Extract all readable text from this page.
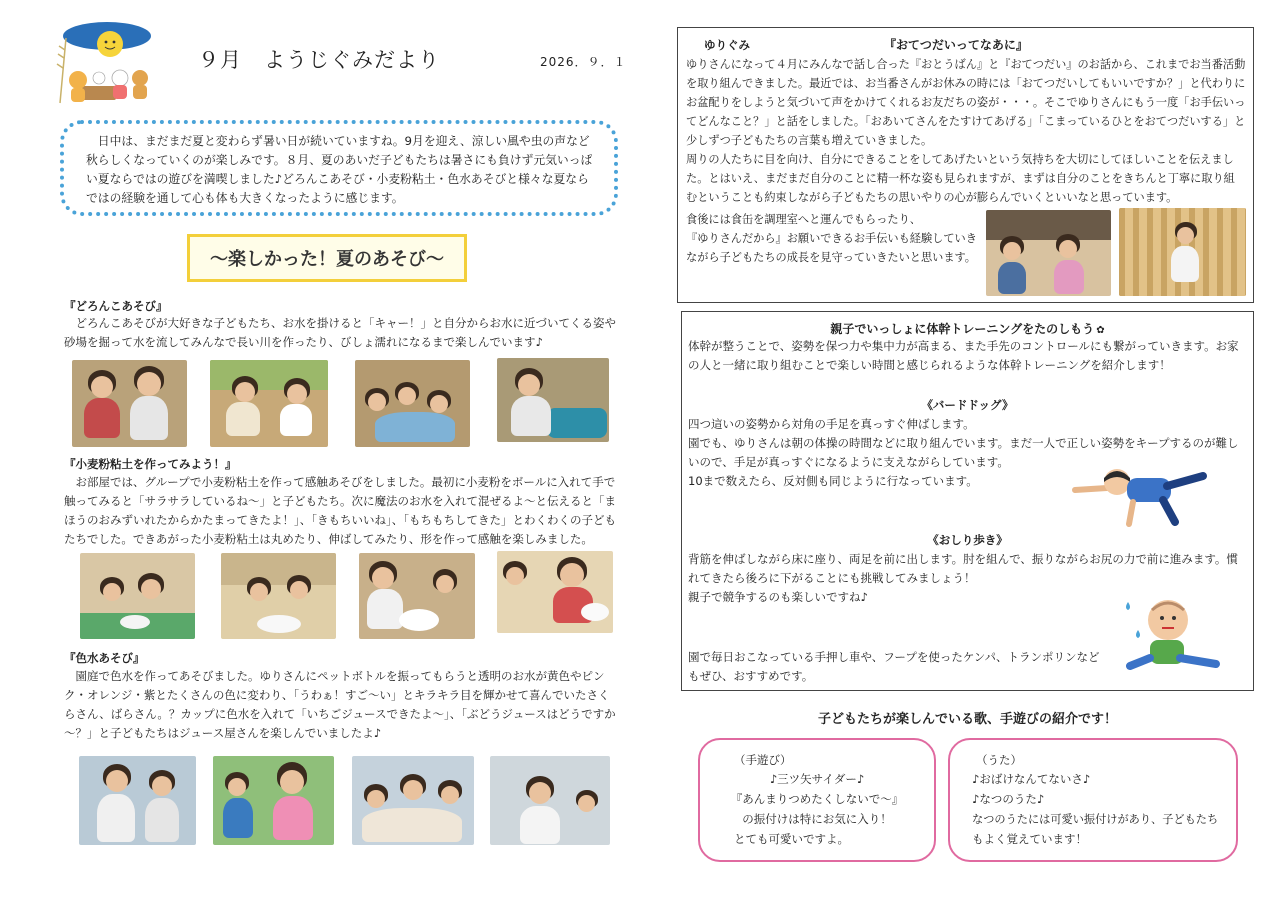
９月　ようじぐみだより	2026．９．１
　日中は、まだまだ夏と変わらず暑い日が続いていますね。9月を迎え、涼しい風や虫の声など秋らしくなっていくのが楽しみです。８月、夏のあいだ子どもたちは暑さにも負けず元気いっぱい夏ならではの遊びを満喫しました♪どろんこあそび・小麦粉粘土・色水あそびと様々な夏ならではの経験を通して心も体も大きくなったように感じます。
～楽しかった！夏のあそび～
『どろんこあそび』
　どろんこあそびが大好きな子どもたち、お水を掛けると「キャー！」と自分からお水に近づいてくる姿や砂場を掘って水を流してみんなで長い川を作ったり、びしょ濡れになるまで楽しんでいます♪
『小麦粉粘土を作ってみよう！』
　お部屋では、グループで小麦粉粘土を作って感触あそびをしました。最初に小麦粉をボールに入れて手で触ってみると「サラサラしているね～」と子どもたち。次に魔法のお水を入れて混ぜるよ～と伝えると「まほうのおみずいれたからかたまってきたよ！」、「きもちいいね」、「もちもちしてきた」とわくわくの子どもたちでした。できあがった小麦粉粘土は丸めたり、伸ばしてみたり、形を作って感触を楽しみました。
『色水あそび』
　園庭で色水を作ってあそびました。ゆりさんにペットボトルを振ってもらうと透明のお水が黄色やピンク・オレンジ・紫とたくさんの色に変わり、「うわぁ！すご～い」とキラキラ目を輝かせて喜んでいたさくらさん、ばらさん。？カップに色水を入れて「いちごジュースできたよ～」、「ぶどうジュースはどうですか～？」と子どもたちはジュース屋さんを楽しんでいましたよ♪
ゆりぐみ	『おてつだいってなあに』
ゆりさんになって４月にみんなで話し合った『おとうばん』と『おてつだい』のお話から、これまでお当番活動を取り組んできました。最近では、お当番さんがお休みの時には「おてつだいしてもいいですか？」と代わりにお盆配りをしようと気づいて声をかけてくれるお友だちの姿が・・・。そこでゆりさんにもう一度「お手伝いってどんなこと？」と話をしました。「おあいてさんをたすけてあげる」「こまっているひとをおてつだいする」と少しずつ子どもたちの言葉も増えていきました。
周りの人たちに目を向け、自分にできることをしてあげたいという気持ちを大切にしてほしいことを伝えました。とはいえ、まだまだ自分のことに精一杯な姿も見られますが、まずは自分のことをきちんと丁寧に取り組むということも約束しながら子どもたちの思いやりの心が膨らんでいくといいなと思っています。
食後には食缶を調理室へと運んでもらったり、
『ゆりさんだから』お願いできるお手伝いも経験していきながら子どもたちの成長を見守っていきたいと思います。
親子でいっしょに体幹トレーニングをたのしもう ✿
体幹が整うことで、姿勢を保つ力や集中力が高まる、また手先のコントロールにも繋がっていきます。お家の人と一緒に取り組むことで楽しい時間と感じられるような体幹トレーニングを紹介します！
《バードドッグ》
四つ這いの姿勢から対角の手足を真っすぐ伸ばします。
園でも、ゆりさんは朝の体操の時間などに取り組んでいます。まだ一人で正しい姿勢をキープするのが難しいので、手足が真っすぐになるように支えながらしています。
10まで数えたら、反対側も同じように行なっています。
《おしり歩き》
背筋を伸ばしながら床に座り、両足を前に出します。肘を組んで、振りながらお尻の力で前に進みます。慣れてきたら後ろに下がることにも挑戦してみましょう！
親子で競争するのも楽しいですね♪
園で毎日おこなっている手押し車や、フープを使ったケンパ、トランポリンなどもぜひ、おすすめです。
子どもたちが楽しんでいる歌、手遊びの紹介です！
（手遊び）
♪三ツ矢サイダー♪
『あんまりつめたくしないで～』
の振付けは特にお気に入り！
とても可愛いですよ。
（うた）
♪おばけなんてないさ♪
♪なつのうた♪
なつのうたには可愛い振付けがあり、子どもたち
もよく覚えています！
